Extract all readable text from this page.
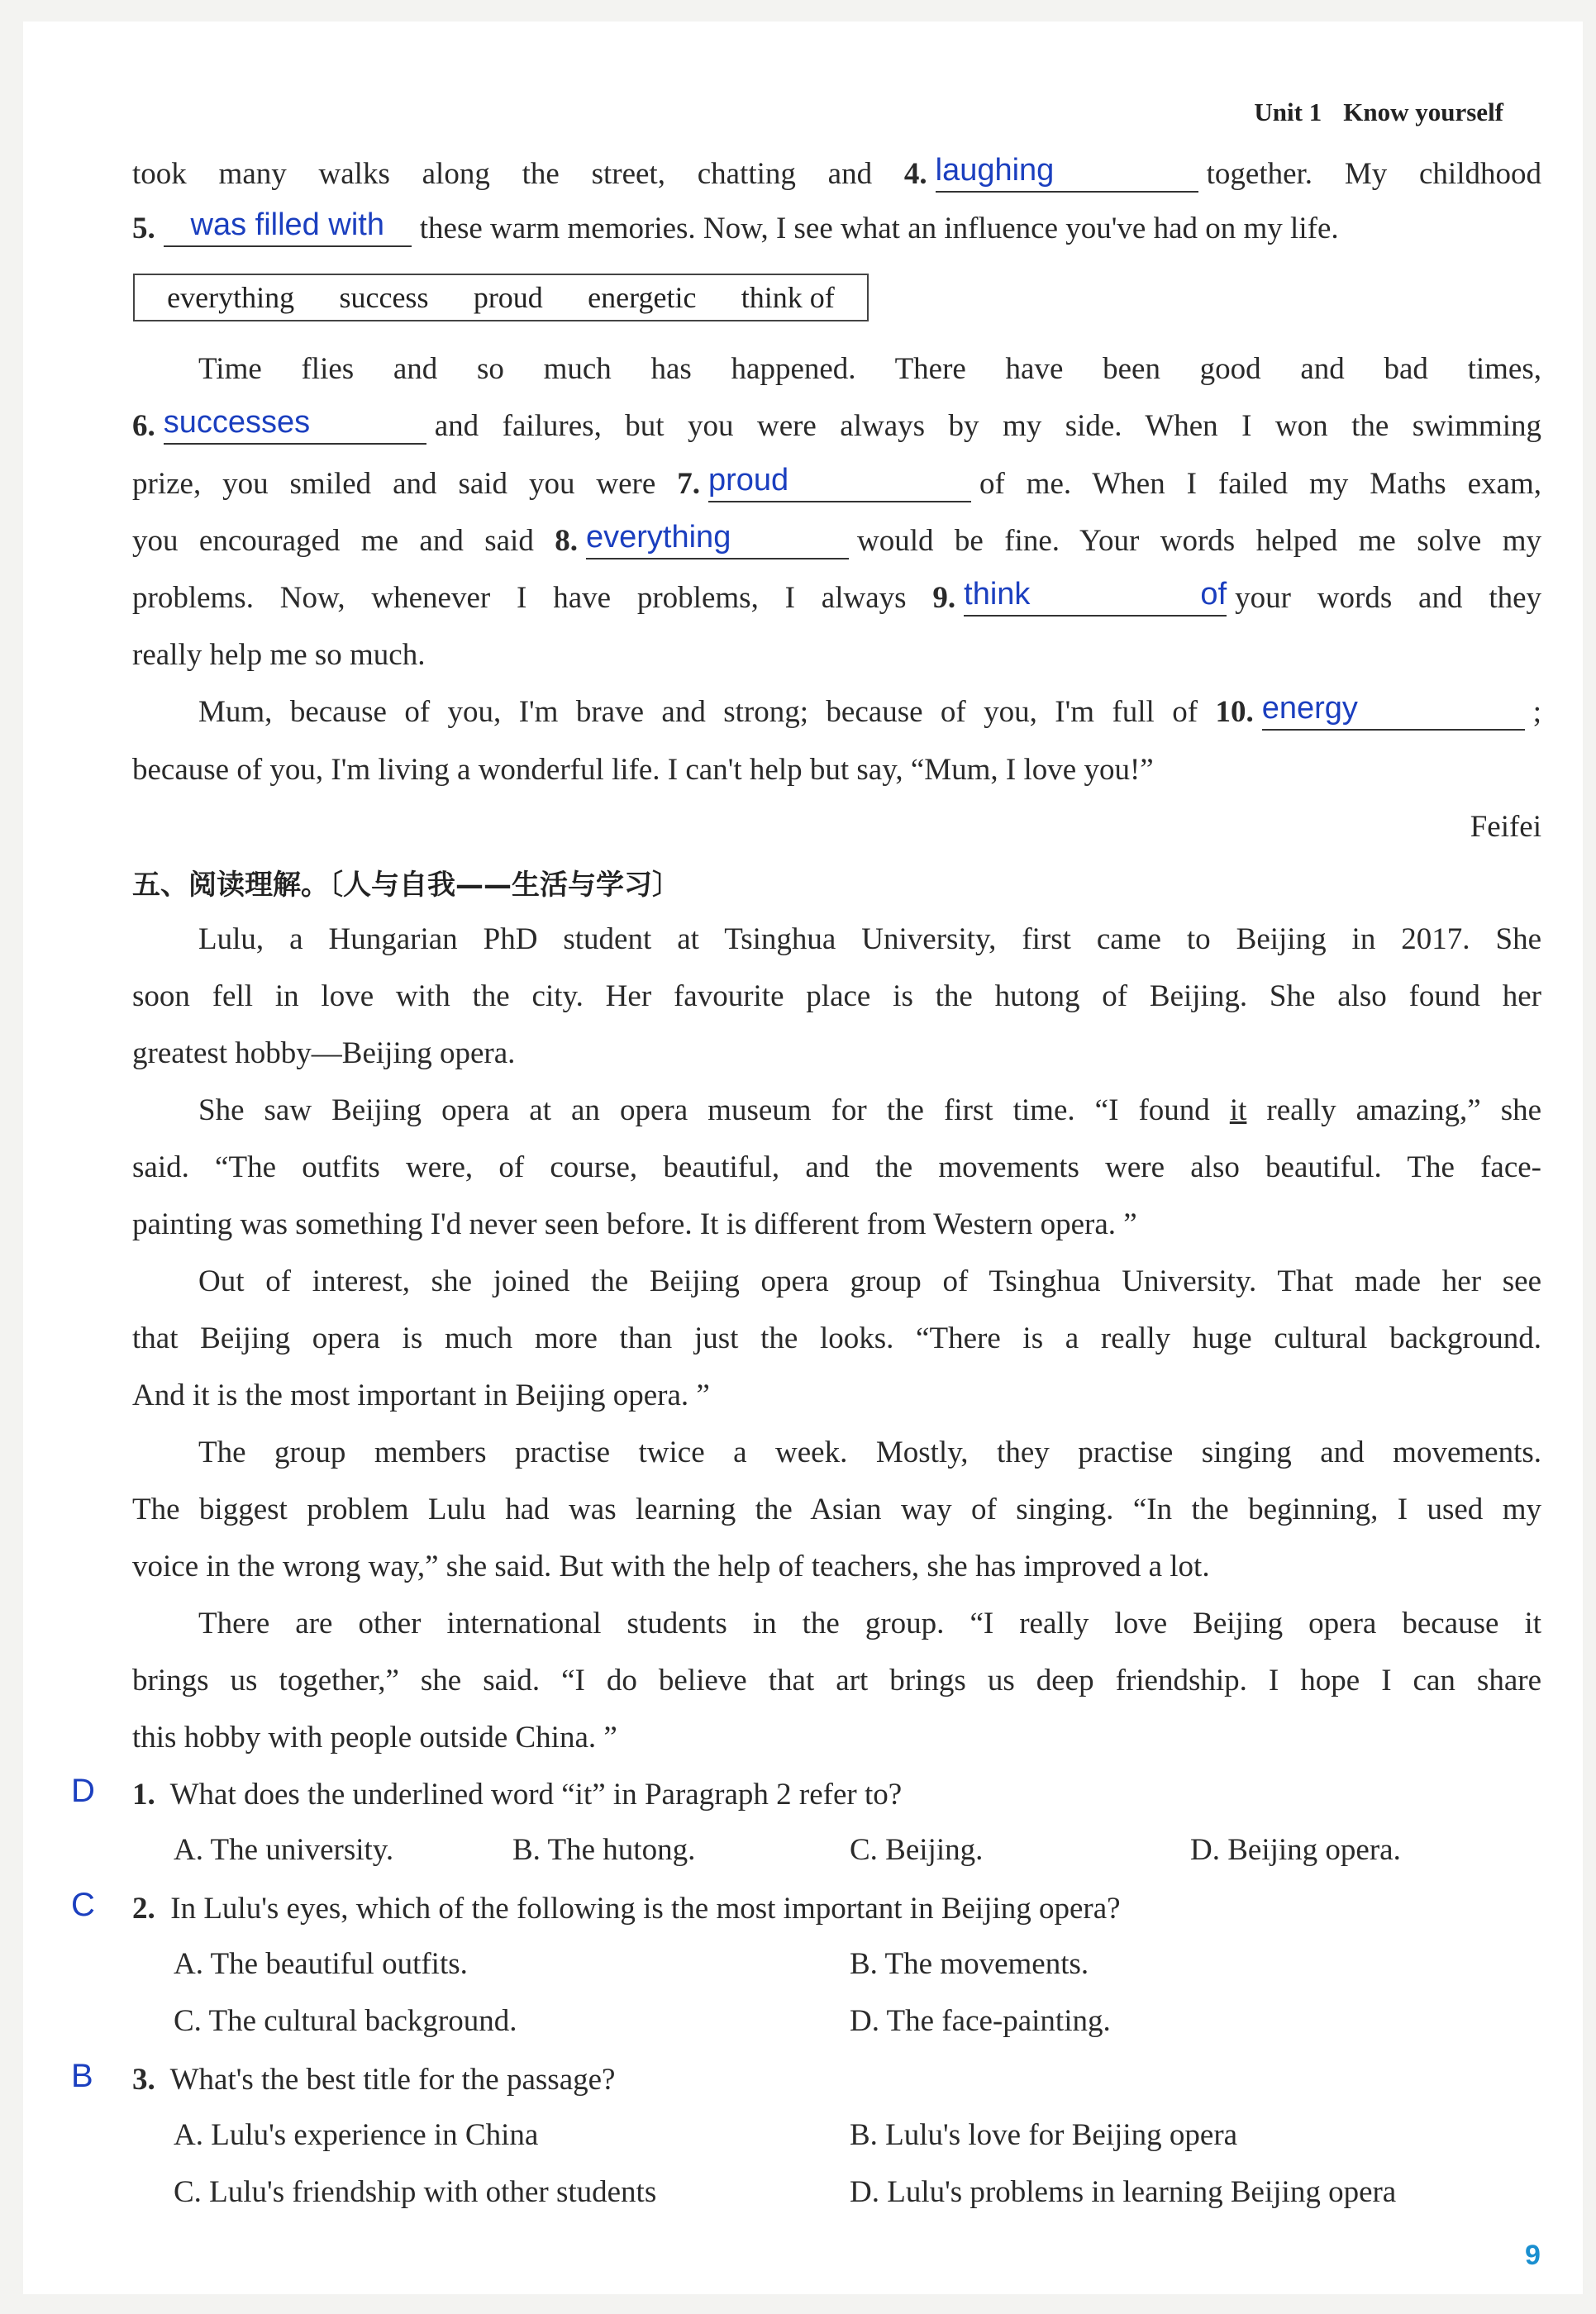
Unit 1 Know yourself
took many walks along the street, chatting and 4. laughing	together. My childhood
5. was filled with these warm memories. Now, I see what an influence you've had on my life.
everything success proud energetic think of
Time flies and so much has happened. There have been good and bad times,
6. successes	and failures, but you were always by my side. When I won the swimming
prize, you smiled and said you were 7. proud	of me. When I failed my Maths exam,
you encouraged me and said 8. everything	would be fine. Your words helped me solve my
problems. Now, whenever I have problems, I always 9. think of your words and they
really help me so much.
Mum, because of you, I'm brave and strong; because of you, I'm full of 10. energy	;
because of you, I'm living a wonderful life. I can't help but say, “Mum, I love you!”
Feifei
五、阅读理解。〔人与自我——生活与学习〕
Lulu, a Hungarian PhD student at Tsinghua University, first came to Beijing in 2017. She
soon fell in love with the city. Her favourite place is the hutong of Beijing. She also found her
greatest hobby—Beijing opera.
She saw Beijing opera at an opera museum for the first time. “I found it really amazing,” she
said. “The outfits were, of course, beautiful, and the movements were also beautiful. The face-
painting was something I'd never seen before. It is different from Western opera. ”
Out of interest, she joined the Beijing opera group of Tsinghua University. That made her see
that Beijing opera is much more than just the looks. “There is a really huge cultural background.
And it is the most important in Beijing opera. ”
The group members practise twice a week. Mostly, they practise singing and movements.
The biggest problem Lulu had was learning the Asian way of singing. “In the beginning, I used my
voice in the wrong way,” she said. But with the help of teachers, she has improved a lot.
There are other international students in the group. “I really love Beijing opera because it
brings us together,” she said. “I do believe that art brings us deep friendship. I hope I can share
this hobby with people outside China. ”
D 1. What does the underlined word “it” in Paragraph 2 refer to?
A. The university.	B. The hutong.	C. Beijing.	D. Beijing opera.
C 2. In Lulu's eyes, which of the following is the most important in Beijing opera?
A. The beautiful outfits.	B. The movements.
C. The cultural background.	D. The face-painting.
B 3. What's the best title for the passage?
A. Lulu's experience in China	B. Lulu's love for Beijing opera
C. Lulu's friendship with other students	D. Lulu's problems in learning Beijing opera
9
